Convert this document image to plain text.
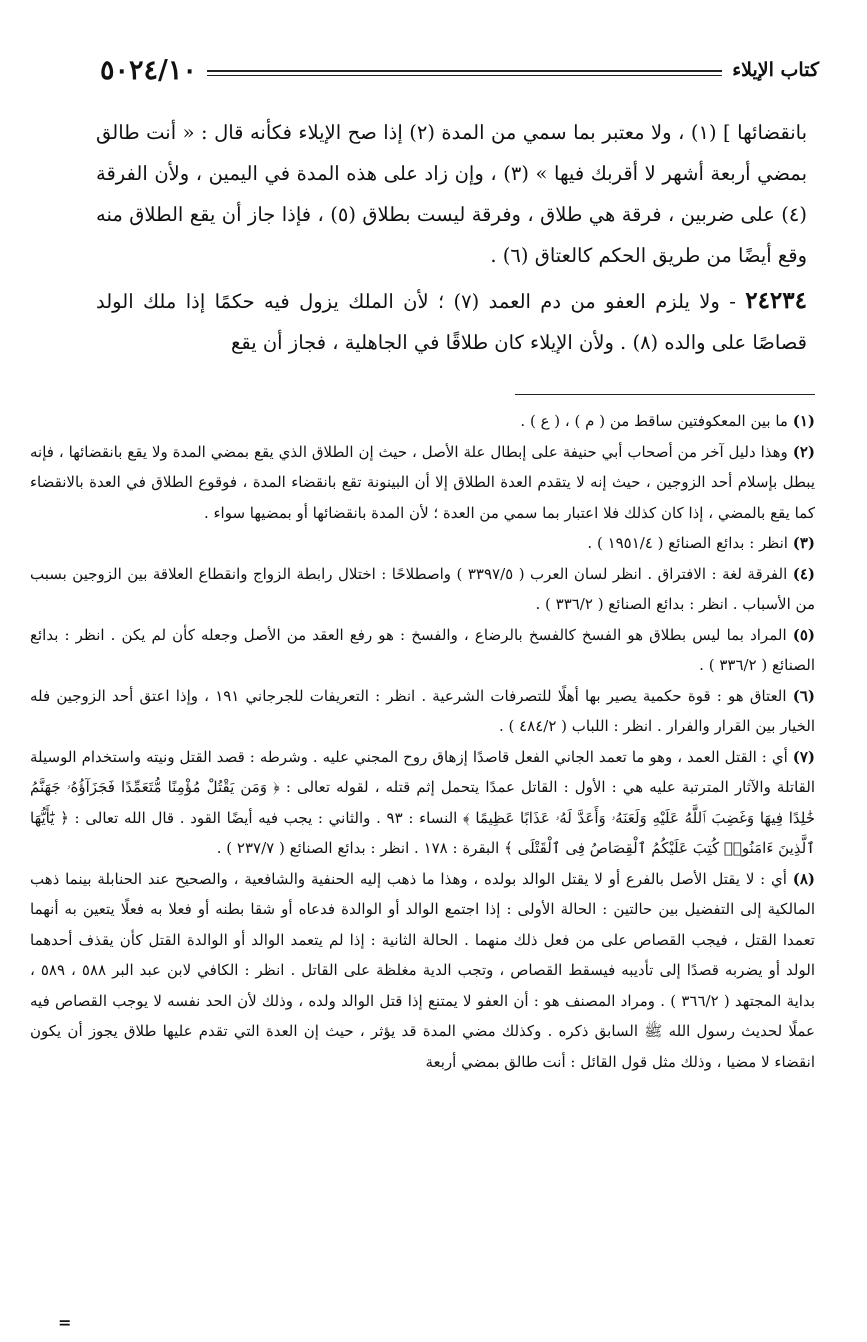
كتاب الإيلاء
٥٠٢٤/١٠

بانقضائها ] (١) ، ولا معتبر بما سمي من المدة (٢) إذا صح الإيلاء فكأنه قال : « أنت طالق بمضي أربعة أشهر لا أقربك فيها » (٣) ، وإن زاد على هذه المدة في اليمين ، ولأن الفرقة (٤) على ضربين ، فرقة هي طلاق ، وفرقة ليست بطلاق (٥) ، فإذا جاز أن يقع الطلاق منه وقع أيضًا من طريق الحكم كالعتاق (٦) .

٢٤٢٣٤ - ولا يلزم العفو من دم العمد (٧) ؛ لأن الملك يزول فيه حكمًا إذا ملك الولد قصاصًا على والده (٨) . ولأن الإيلاء كان طلاقًا في الجاهلية ، فجاز أن يقع

(١) ما بين المعكوفتين ساقط من ( م ) ، ( ع ) .

(٢) وهذا دليل آخر من أصحاب أبي حنيفة على إبطال علة الأصل ، حيث إن الطلاق الذي يقع بمضي المدة ولا يقع بانقضائها ، فإنه يبطل بإسلام أحد الزوجين ، حيث إنه لا يتقدم العدة الطلاق إلا أن البينونة تقع بانقضاء المدة ، فوقوع الطلاق في العدة بالانقضاء كما يقع بالمضي ، إذا كان كذلك فلا اعتبار بما سمي من العدة ؛ لأن المدة بانقضائها أو بمضيها سواء .

(٣) انظر : بدائع الصنائع ( ١٩٥١/٤ ) .

(٤) الفرقة لغة : الافتراق . انظر لسان العرب ( ٣٣٩٧/٥ ) واصطلاحًا : اختلال رابطة الزواج وانقطاع العلاقة بين الزوجين بسبب من الأسباب . انظر : بدائع الصنائع ( ٣٣٦/٢ ) .

(٥) المراد بما ليس بطلاق هو الفسخ كالفسخ بالرضاع ، والفسخ : هو رفع العقد من الأصل وجعله كأن لم يكن . انظر : بدائع الصنائع ( ٣٣٦/٢ ) .

(٦) العتاق هو : قوة حكمية يصير بها أهلًا للتصرفات الشرعية . انظر : التعريفات للجرجاني ١٩١ ، وإذا اعتق أحد الزوجين فله الخيار بين القرار والفرار . انظر : اللباب ( ٤٨٤/٢ ) .

(٧) أي : القتل العمد ، وهو ما تعمد الجاني الفعل قاصدًا إزهاق روح المجني عليه . وشرطه : قصد القتل ونيته واستخدام الوسيلة القاتلة والآثار المترتبة عليه هي : الأول : القاتل عمدًا يتحمل إثم قتله ، لقوله تعالى : ﴿ وَمَن يَقْتُلْ مُؤْمِنًا مُّتَعَمِّدًا فَجَزَآؤُهُۥ جَهَنَّمُ خَٰلِدًا فِيهَا وَغَضِبَ ٱللَّهُ عَلَيْهِ وَلَعَنَهُۥ وَأَعَدَّ لَهُۥ عَذَابًا عَظِيمًا ﴾ النساء : ٩٣ . والثاني : يجب فيه أيضًا القود . قال الله تعالى : ﴿ يَٰٓأَيُّهَا ٱلَّذِينَ ءَامَنُوا۟ كُتِبَ عَلَيْكُمُ ٱلْقِصَاصُ فِى ٱلْقَتْلَى ﴾ البقرة : ١٧٨ . انظر : بدائع الصنائع ( ٢٣٧/٧ ) .

(٨) أي : لا يقتل الأصل بالفرع أو لا يقتل الوالد بولده ، وهذا ما ذهب إليه الحنفية والشافعية ، والصحيح عند الحنابلة بينما ذهب المالكية إلى التفضيل بين حالتين : الحالة الأولى : إذا اجتمع الوالد أو الوالدة فدعاه أو شقا بطنه أو فعلا به فعلًا يتعين به أنهما تعمدا القتل ، فيجب القصاص على من فعل ذلك منهما . الحالة الثانية : إذا لم يتعمد الوالد أو الوالدة القتل كأن يقذف أحدهما الولد أو يضربه قصدًا إلى تأديبه فيسقط القصاص ، وتجب الدية مغلظة على القاتل . انظر : الكافي لابن عبد البر ٥٨٨ ، ٥٨٩ ، بداية المجتهد ( ٣٦٦/٢ ) . ومراد المصنف هو : أن العفو لا يمتنع إذا قتل الوالد ولده ، وذلك لأن الحد نفسه لا يوجب القصاص فيه عملًا لحديث رسول الله ﷺ السابق ذكره . وكذلك مضي المدة قد يؤثر ، حيث إن العدة التي تقدم عليها طلاق يجوز أن يكون انقضاء لا مضيا ، وذلك مثل قول القائل : أنت طالق بمضي أربعة

=
